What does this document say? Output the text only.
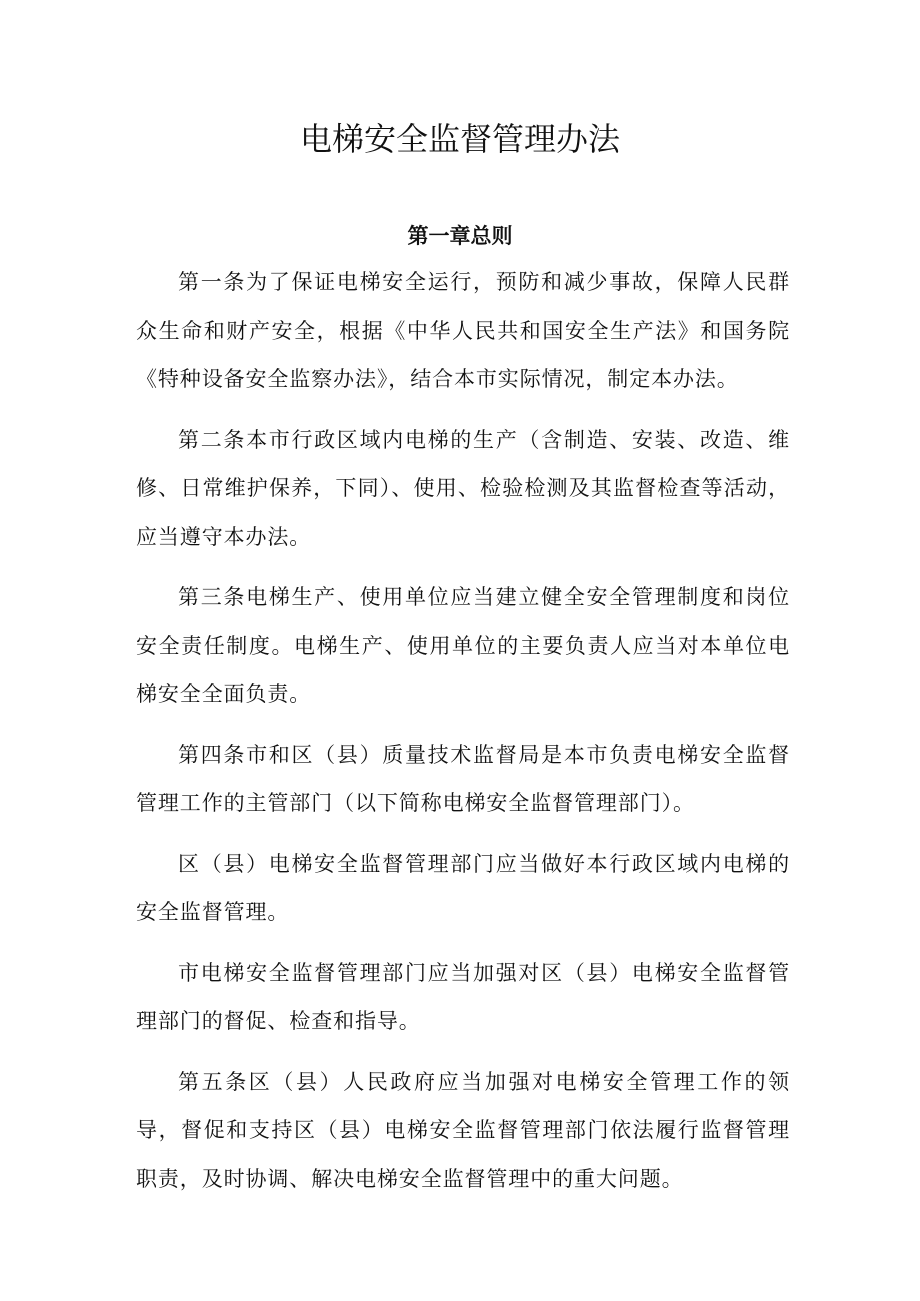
电梯安全监督管理办法
第一章总则

第一条为了保证电梯安全运行，预防和减少事故，保障人民群众生命和财产安全，根据《中华人民共和国安全生产法》和国务院《特种设备安全监察办法》，结合本市实际情况，制定本办法。

第二条本市行政区域内电梯的生产（含制造、安装、改造、维修、日常维护保养，下同）、使用、检验检测及其监督检查等活动，应当遵守本办法。

第三条电梯生产、使用单位应当建立健全安全管理制度和岗位安全责任制度。电梯生产、使用单位的主要负责人应当对本单位电梯安全全面负责。

第四条市和区（县）质量技术监督局是本市负责电梯安全监督管理工作的主管部门（以下简称电梯安全监督管理部门）。

区（县）电梯安全监督管理部门应当做好本行政区域内电梯的安全监督管理。

市电梯安全监督管理部门应当加强对区（县）电梯安全监督管理部门的督促、检查和指导。

第五条区（县）人民政府应当加强对电梯安全管理工作的领导，督促和支持区（县）电梯安全监督管理部门依法履行监督管理职责，及时协调、解决电梯安全监督管理中的重大问题。
